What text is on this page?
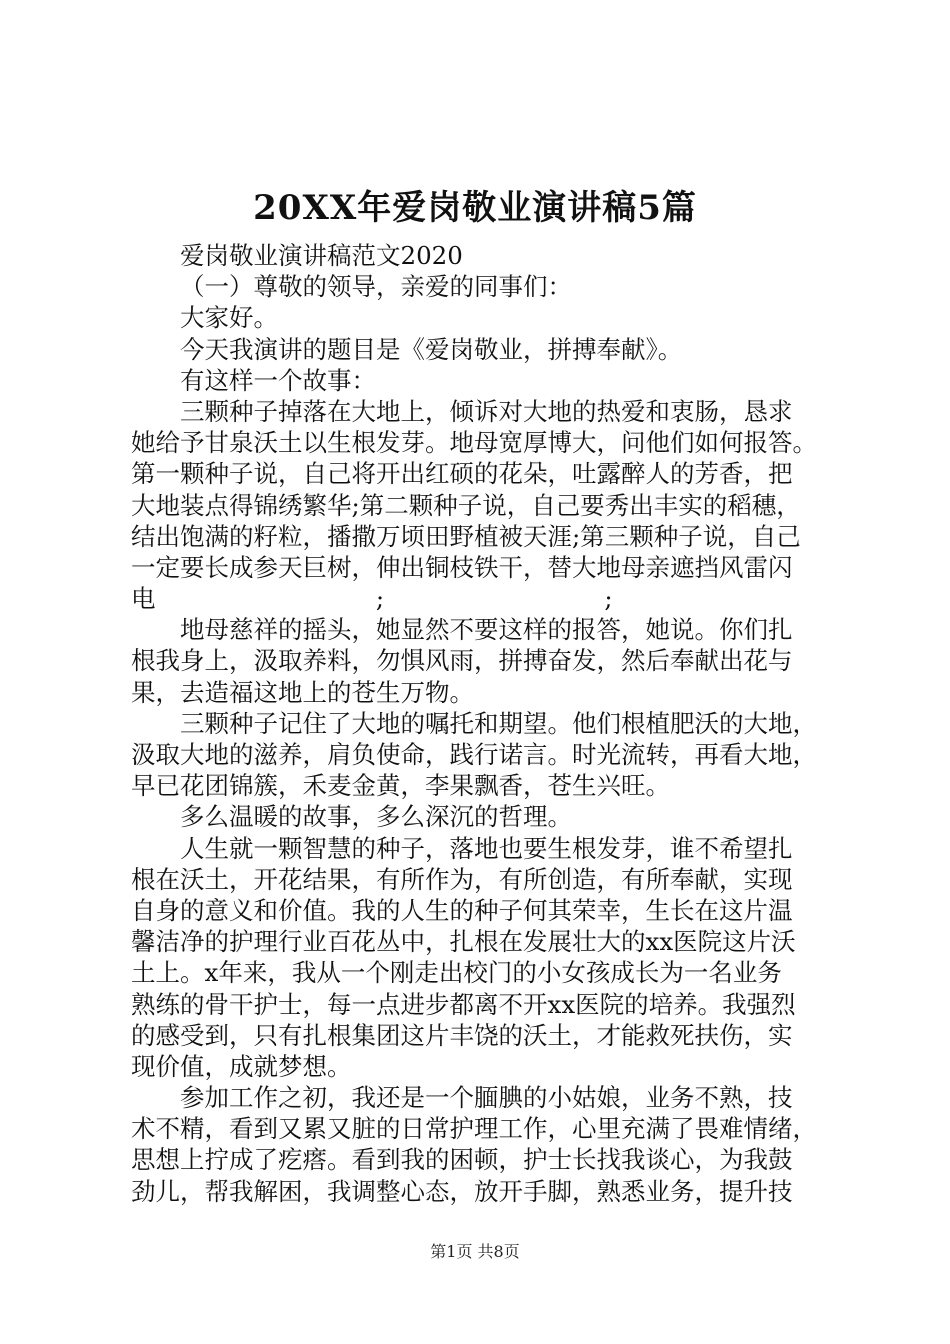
20XX年爱岗敬业演讲稿5篇
爱岗敬业演讲稿范文2020
（一）尊敬的领导，亲爱的同事们：
大家好。
今天我演讲的题目是《爱岗敬业，拼搏奉献》。
有这样一个故事：
三颗种子掉落在大地上，倾诉对大地的热爱和衷肠，恳求
她给予甘泉沃土以生根发芽。地母宽厚博大，问他们如何报答。
第一颗种子说，自己将开出红硕的花朵，吐露醉人的芳香，把
大地装点得锦绣繁华;第二颗种子说，自己要秀出丰实的稻穗，
结出饱满的籽粒，播撒万顷田野植被天涯;第三颗种子说，自己
一定要长成参天巨树，伸出铜枝铁干，替大地母亲遮挡风雷闪
电	;	;
地母慈祥的摇头，她显然不要这样的报答，她说。你们扎
根我身上，汲取养料，勿惧风雨，拼搏奋发，然后奉献出花与
果，去造福这地上的苍生万物。
三颗种子记住了大地的嘱托和期望。他们根植肥沃的大地，
汲取大地的滋养，肩负使命，践行诺言。时光流转，再看大地，
早已花团锦簇，禾麦金黄，李果飘香，苍生兴旺。
多么温暖的故事，多么深沉的哲理。
人生就一颗智慧的种子，落地也要生根发芽，谁不希望扎
根在沃土，开花结果，有所作为，有所创造，有所奉献，实现
自身的意义和价值。我的人生的种子何其荣幸，生长在这片温
馨洁净的护理行业百花丛中，扎根在发展壮大的xx医院这片沃
土上。x年来，我从一个刚走出校门的小女孩成长为一名业务
熟练的骨干护士，每一点进步都离不开xx医院的培养。我强烈
的感受到，只有扎根集团这片丰饶的沃土，才能救死扶伤，实
现价值，成就梦想。
参加工作之初，我还是一个腼腆的小姑娘，业务不熟，技
术不精，看到又累又脏的日常护理工作，心里充满了畏难情绪，
思想上拧成了疙瘩。看到我的困顿，护士长找我谈心，为我鼓
劲儿，帮我解困，我调整心态，放开手脚，熟悉业务，提升技
第1页 共8页
